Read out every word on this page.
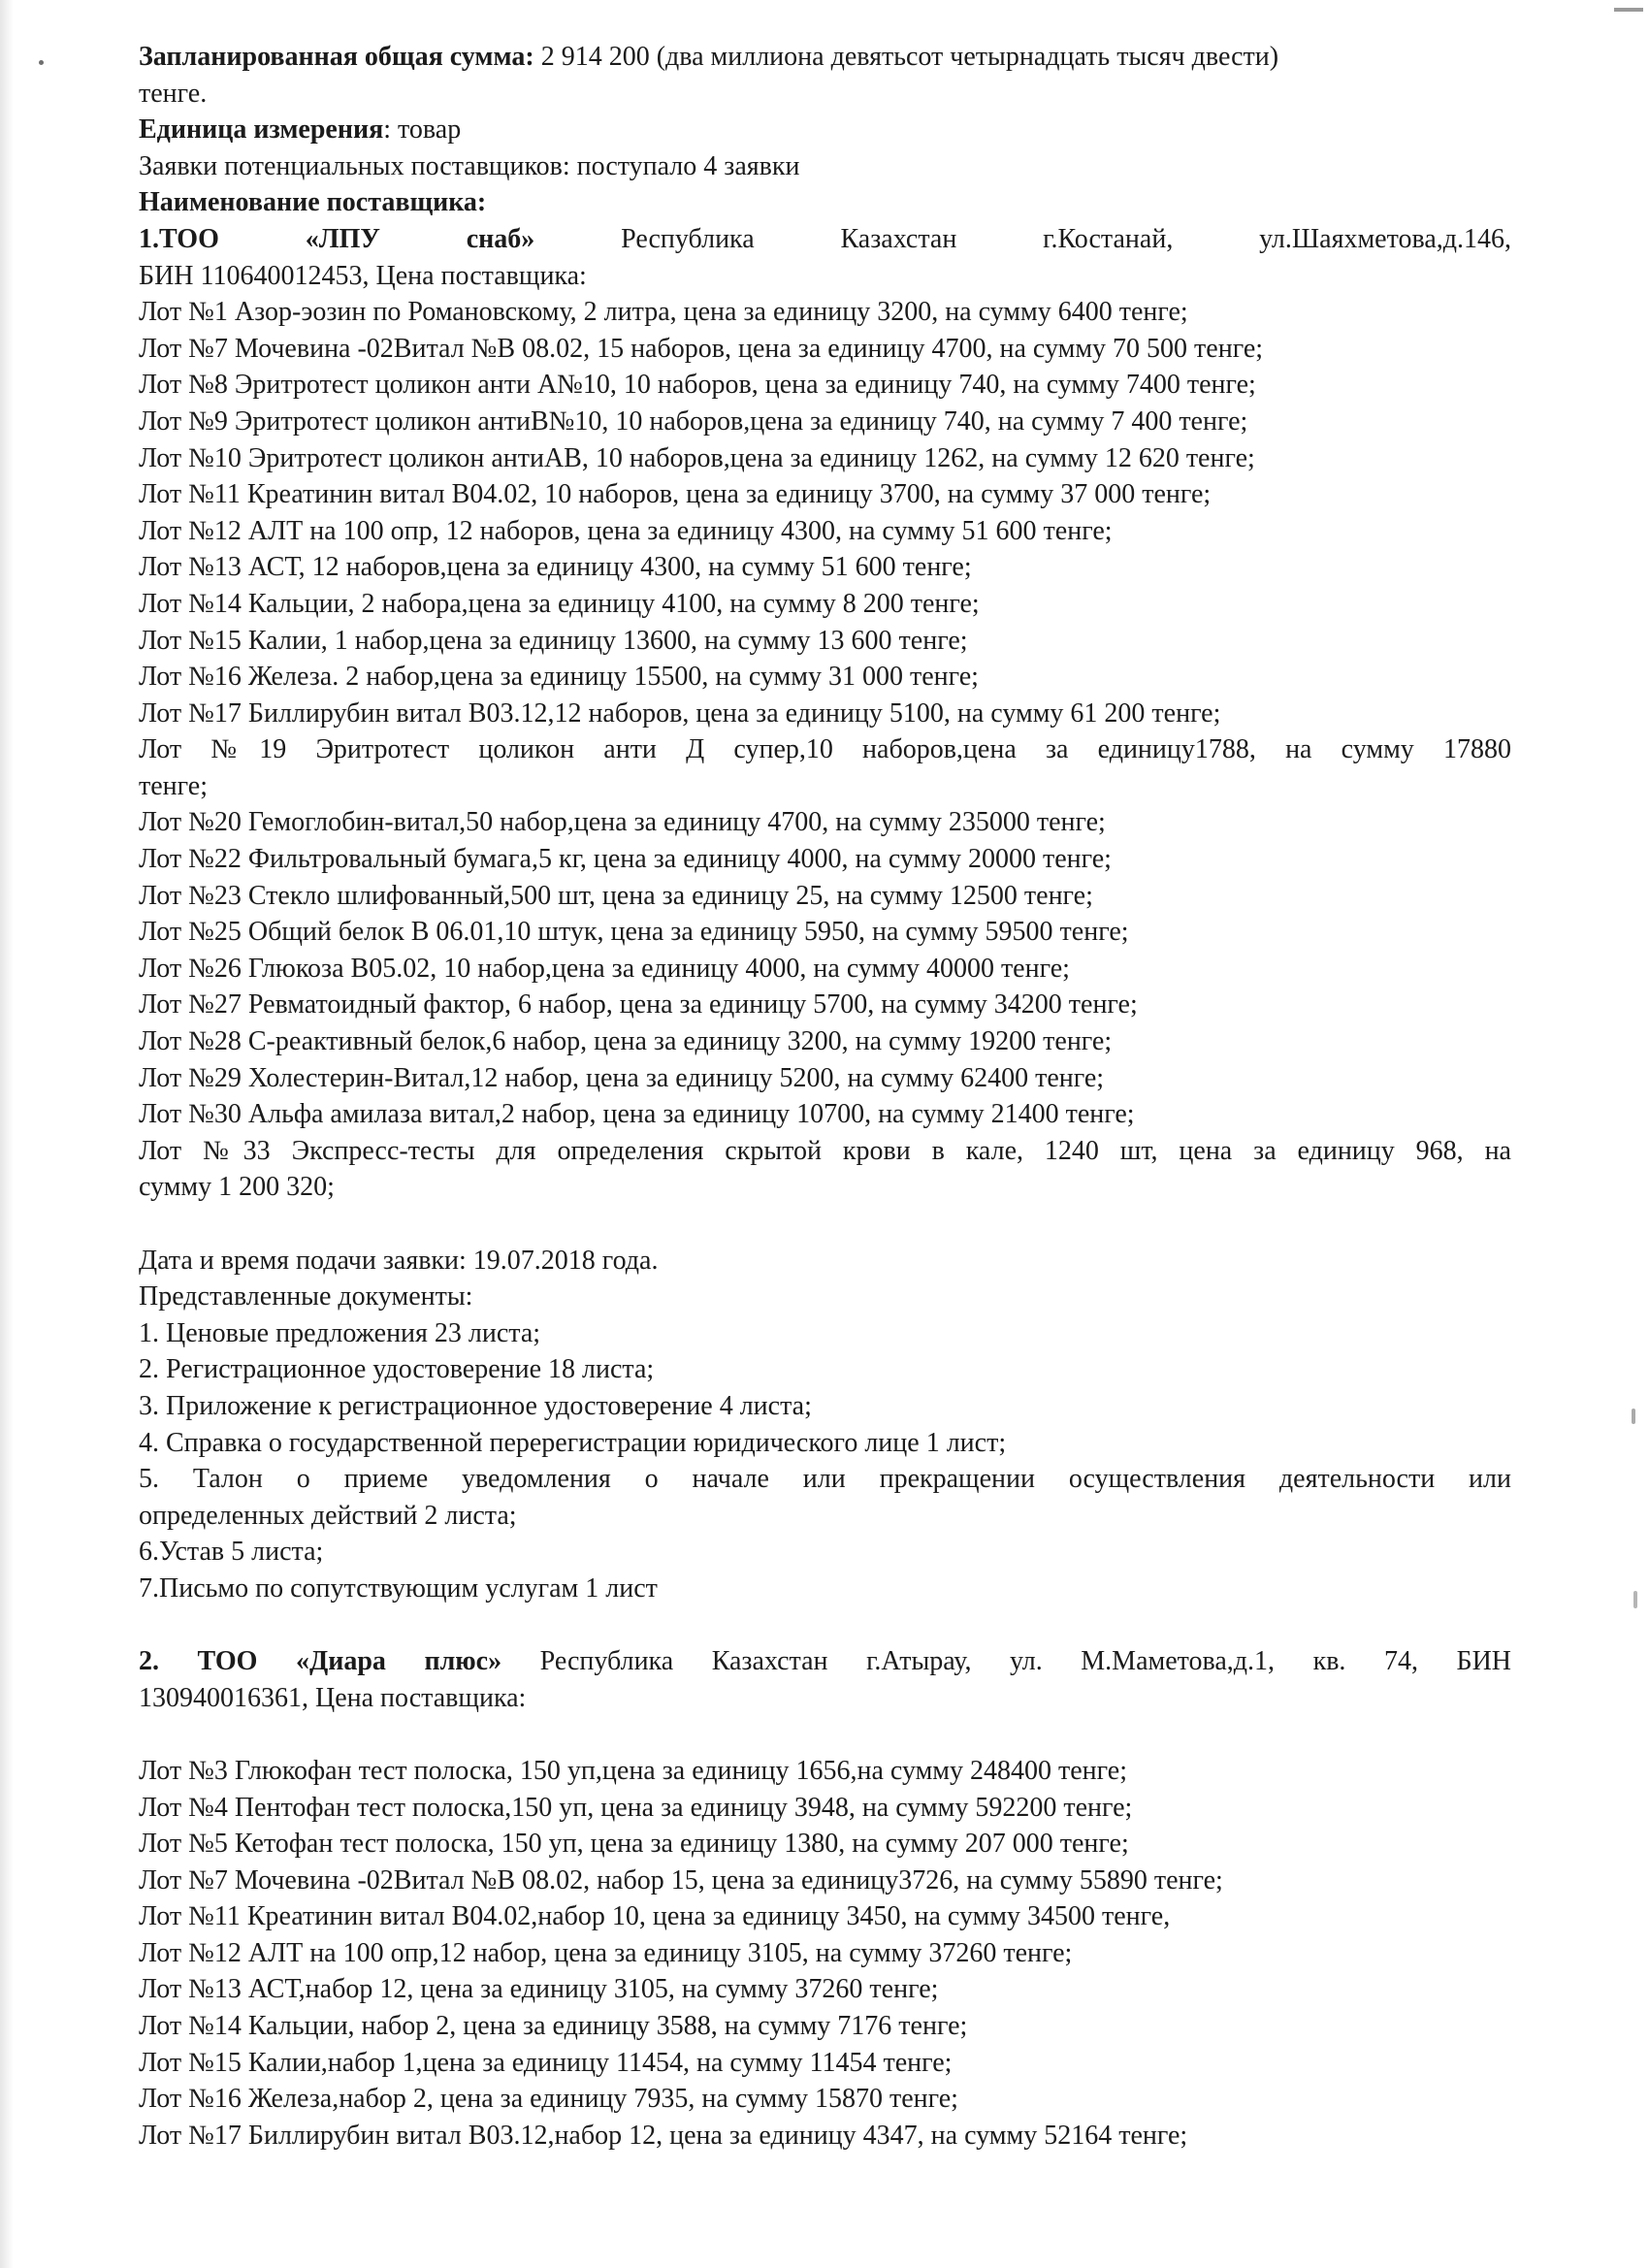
Запланированная общая сумма: 2 914 200 (два миллиона девятьсот четырнадцать тысяч двести)
тенге.
Единица измерения: товар
Заявки потенциальных поставщиков: поступало 4 заявки
Наименование поставщика:
1.ТОО «ЛПУ снаб»	Республика Казахстан г.Костанай, ул.Шаяхметова,д.146,
БИН 110640012453, Цена поставщика:
Лот №1 Азор-эозин по Романовскому, 2 литра, цена за единицу 3200, на сумму 6400 тенге;
Лот №7 Мочевина -02Витал №В 08.02, 15 наборов, цена за единицу 4700, на сумму 70 500 тенге;
Лот №8 Эритротест цоликон анти А№10, 10 наборов, цена за единицу 740, на сумму 7400 тенге;
Лот №9 Эритротест цоликон антиВ№10, 10 наборов,цена за единицу 740, на сумму 7 400 тенге;
Лот №10 Эритротест цоликон антиАВ, 10 наборов,цена за единицу 1262, на сумму 12 620 тенге;
Лот №11 Креатинин витал В04.02, 10 наборов, цена за единицу 3700, на сумму 37 000 тенге;
Лот №12 АЛТ на 100 опр, 12 наборов, цена за единицу 4300, на сумму 51 600 тенге;
Лот №13 АСТ, 12 наборов,цена за единицу 4300, на сумму 51 600 тенге;
Лот №14 Кальции, 2 набора,цена за единицу 4100, на сумму 8 200 тенге;
Лот №15 Калии, 1 набор,цена за единицу 13600, на сумму 13 600 тенге;
Лот №16 Железа. 2 набор,цена за единицу 15500, на сумму 31 000 тенге;
Лот №17 Биллирубин витал В03.12,12 наборов, цена за единицу 5100, на сумму 61 200 тенге;
Лот №19 Эритротест цоликон анти Д супер,10 наборов,цена за единицу1788, на сумму 17880
тенге;
Лот №20 Гемоглобин-витал,50 набор,цена за единицу 4700, на сумму 235000 тенге;
Лот №22 Фильтровальный бумага,5 кг, цена за единицу 4000, на сумму 20000 тенге;
Лот №23 Стекло шлифованный,500 шт, цена за единицу 25, на сумму 12500 тенге;
Лот №25 Общий белок В 06.01,10 штук, цена за единицу 5950, на сумму 59500 тенге;
Лот №26 Глюкоза В05.02, 10 набор,цена за единицу 4000, на сумму 40000 тенге;
Лот №27 Ревматоидный фактор, 6 набор, цена за единицу 5700, на сумму 34200 тенге;
Лот №28 С-реактивный белок,6 набор, цена за единицу 3200, на сумму 19200 тенге;
Лот №29 Холестерин-Витал,12 набор, цена за единицу 5200, на сумму 62400 тенге;
Лот №30 Альфа амилаза витал,2 набор, цена за единицу 10700, на сумму 21400 тенге;
Лот №33 Экспресс-тесты для определения скрытой крови в кале, 1240 шт, цена за единицу 968, на
сумму 1 200 320;
Дата и время подачи заявки: 19.07.2018 года.
Представленные документы:
1. Ценовые предложения 23 листа;
2. Регистрационное удостоверение 18 листа;
3. Приложение к регистрационное удостоверение 4 листа;
4. Справка о государственной перерегистрации юридического лице 1 лист;
5. Талон о приеме уведомления о начале или прекращении осуществления деятельности или
определенных действий 2 листа;
6.Устав 5 листа;
7.Письмо по сопутствующим услугам 1 лист
2. ТОО «Диара плюс» Республика Казахстан г.Атырау, ул. М.Маметова,д.1, кв. 74, БИН
130940016361, Цена поставщика:
Лот №3 Глюкофан тест полоска, 150 уп,цена за единицу 1656,на сумму 248400 тенге;
Лот №4 Пентофан тест полоска,150 уп, цена за единицу 3948, на сумму 592200 тенге;
Лот №5 Кетофан тест полоска, 150 уп, цена за единицу 1380, на сумму 207 000 тенге;
Лот №7 Мочевина -02Витал №В 08.02, набор 15, цена за единицу3726, на сумму 55890 тенге;
Лот №11 Креатинин витал В04.02,набор 10, цена за единицу 3450, на сумму 34500 тенге,
Лот №12 АЛТ на 100 опр,12 набор, цена за единицу 3105, на сумму 37260 тенге;
Лот №13 АСТ,набор 12, цена за единицу 3105, на сумму 37260 тенге;
Лот №14 Кальции, набор 2, цена за единицу 3588, на сумму 7176 тенге;
Лот №15 Калии,набор 1,цена за единицу 11454, на сумму 11454 тенге;
Лот №16 Железа,набор 2, цена за единицу 7935, на сумму 15870 тенге;
Лот №17 Биллирубин витал В03.12,набор 12, цена за единицу 4347, на сумму 52164 тенге;
